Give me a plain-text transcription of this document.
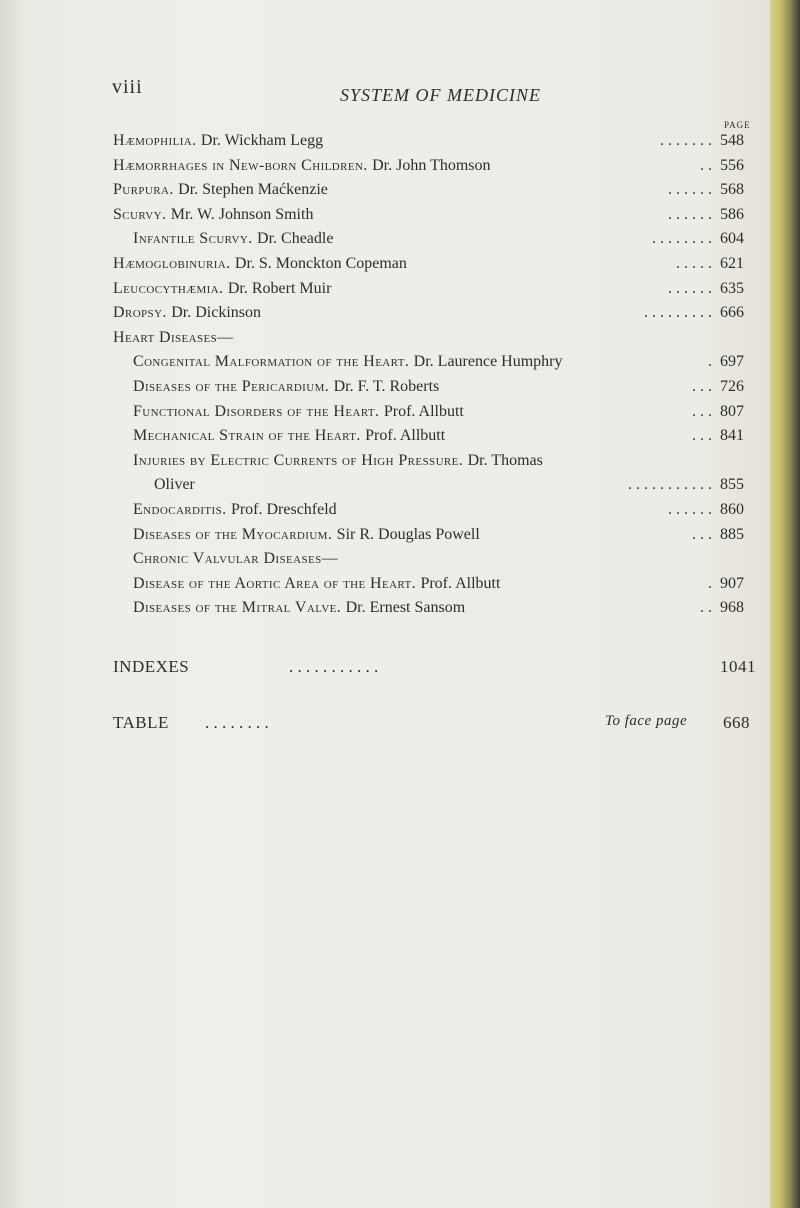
viii	SYSTEM OF MEDICINE
PAGE
Hæmophilia. Dr. Wickham Legg	. . . . . . . 548
Hæmorrhages in New-born Children. Dr. John Thomson	. . 556
Purpura. Dr. Stephen Maćkenzie	. . . . . . 568
Scurvy. Mr. W. Johnson Smith	. . . . . . 586
Infantile Scurvy. Dr. Cheadle	. . . . . . . . 604
Hæmoglobinuria. Dr. S. Monckton Copeman	. . . . . 621
Leucocythæmia. Dr. Robert Muir	. . . . . . 635
Dropsy. Dr. Dickinson	. . . . . . . . . 666
Heart Diseases—
Congenital Malformation of the Heart. Dr. Laurence Humphry	. 697
Diseases of the Pericardium. Dr. F. T. Roberts	. . . 726
Functional Disorders of the Heart. Prof. Allbutt	. . . 807
Mechanical Strain of the Heart. Prof. Allbutt	. . . 841
Injuries by Electric Currents of High Pressure. Dr. Thomas
Oliver	. . . . . . . . . . . 855
Endocarditis. Prof. Dreschfeld	. . . . . . 860
Diseases of the Myocardium. Sir R. Douglas Powell	. . . 885
Chronic Valvular Diseases—
Disease of the Aortic Area of the Heart. Prof. Allbutt	. 907
Diseases of the Mitral Valve. Dr. Ernest Sansom	. . 968
INDEXES	. . . . . . . . . . .	1041
TABLE . . . . . . . .	To face page 668
